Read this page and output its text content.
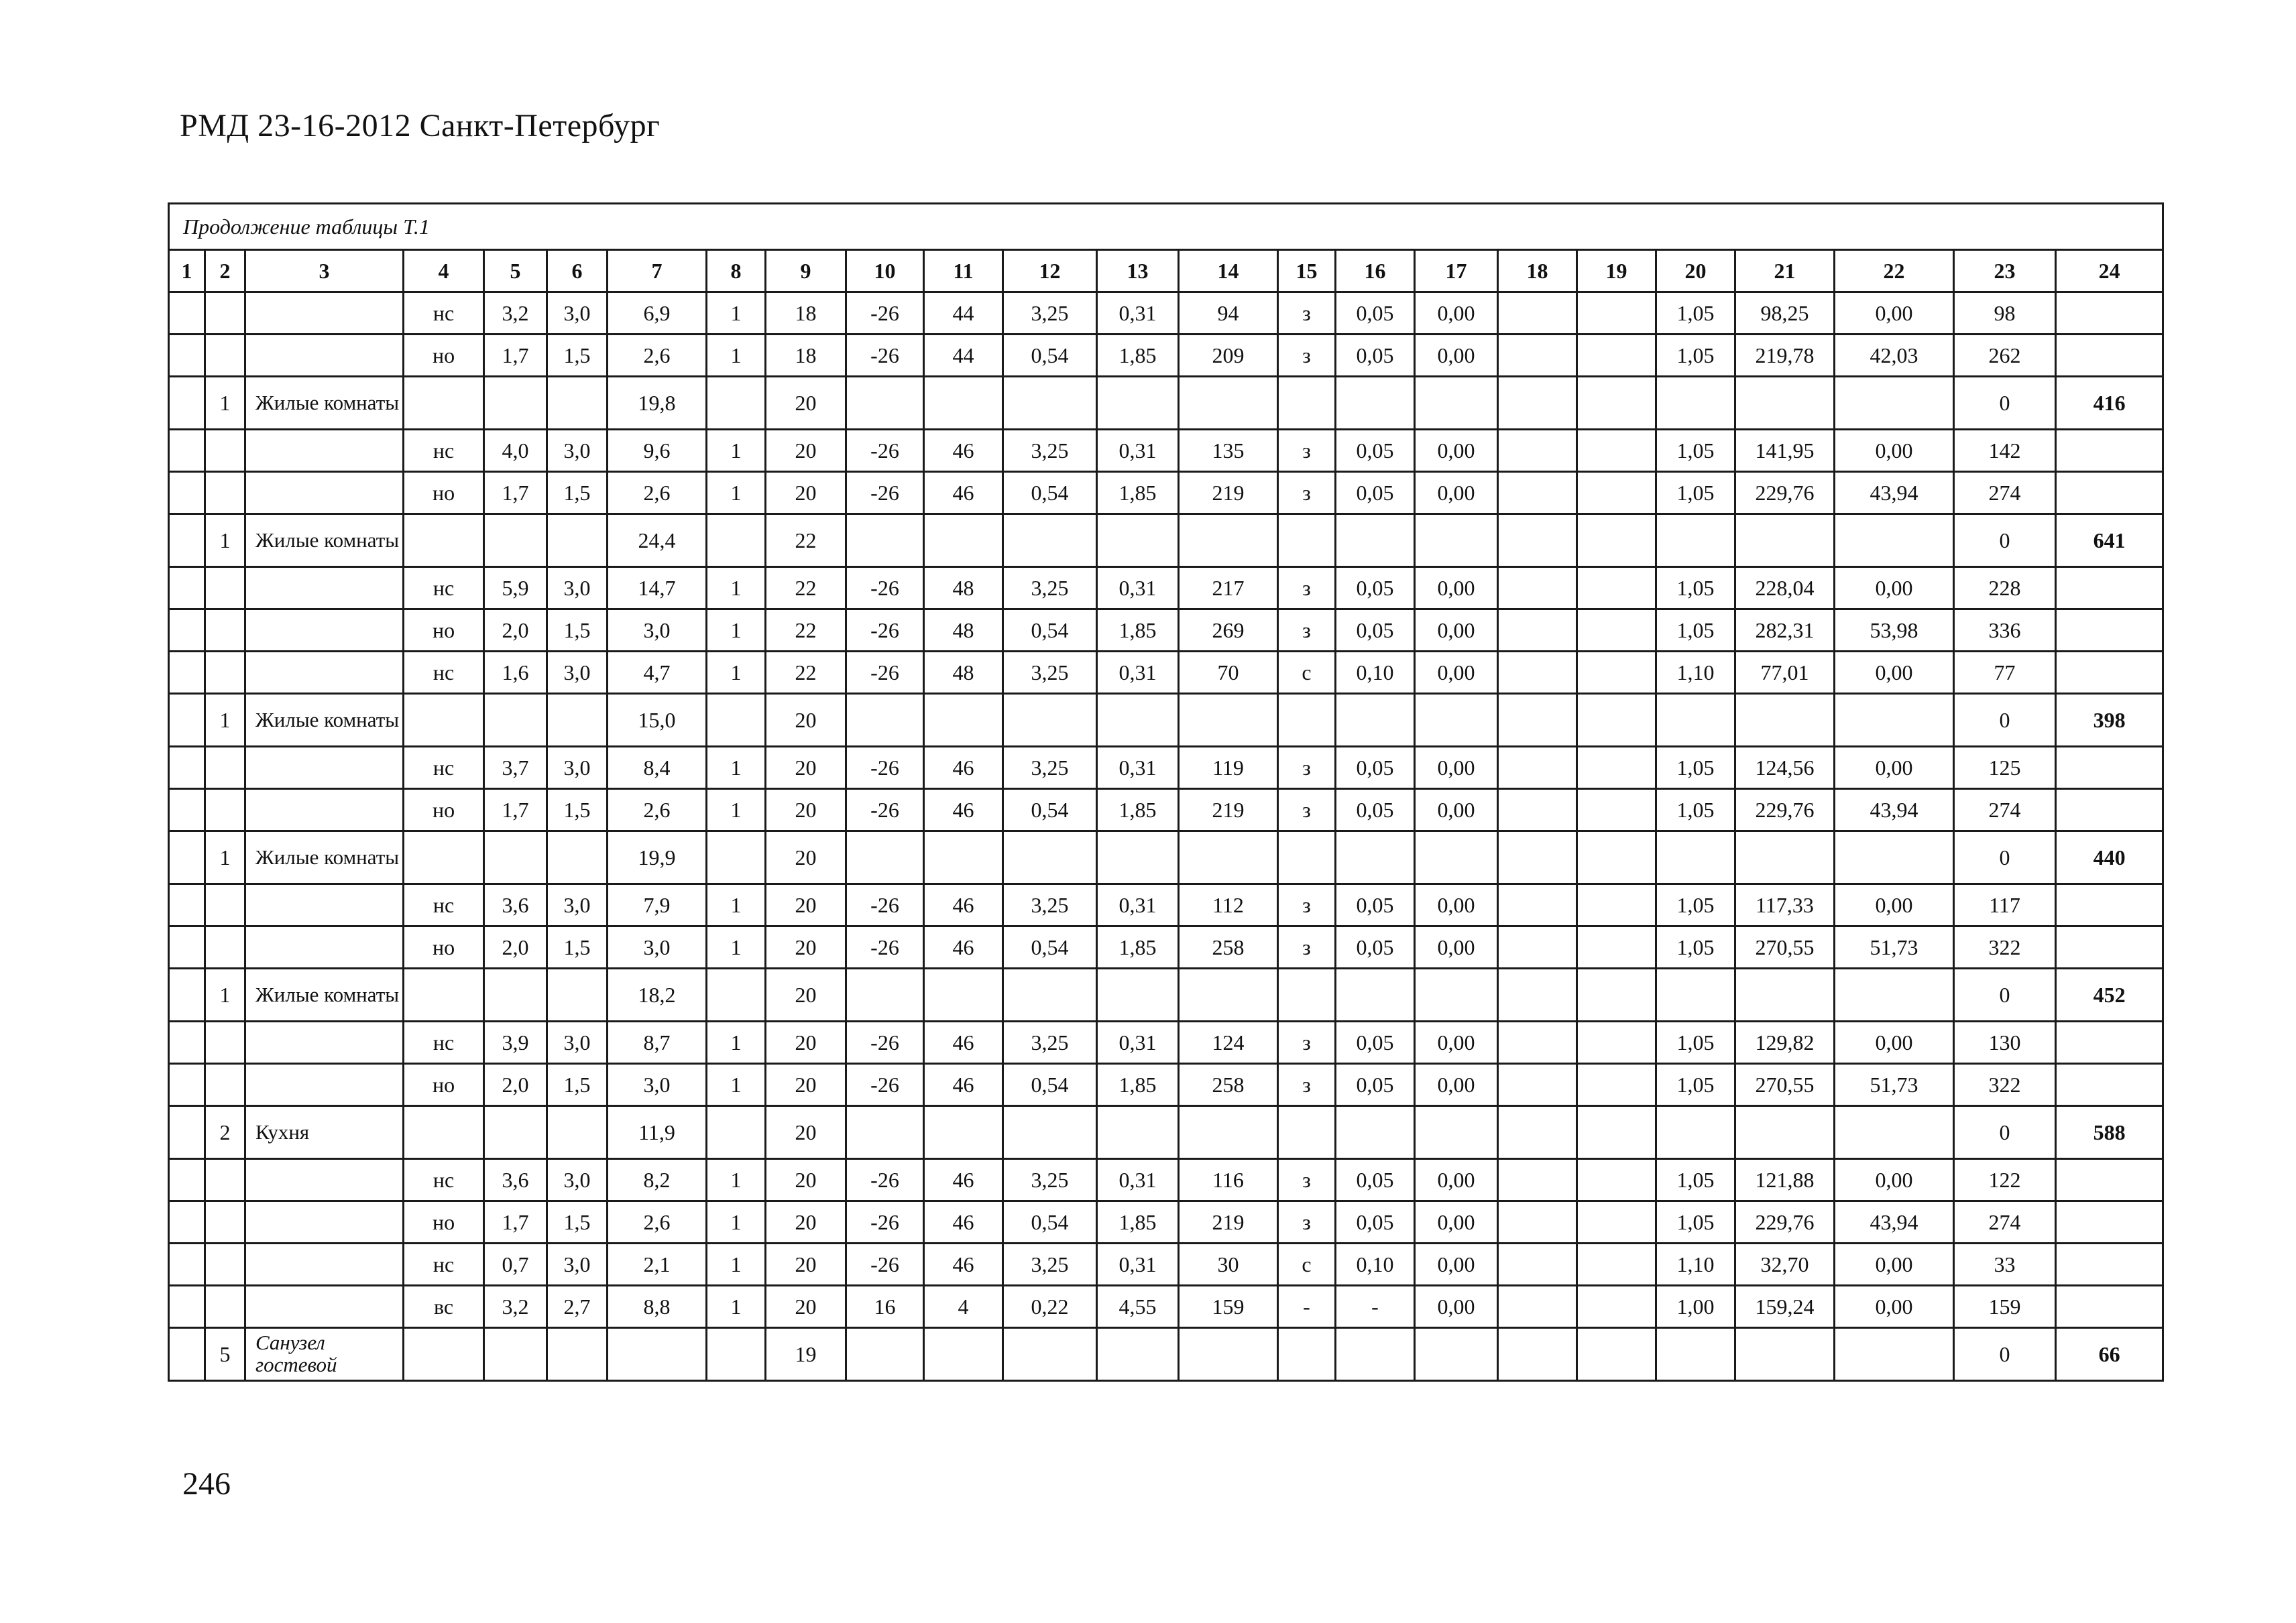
РМД 23-16-2012 Санкт-Петербург
Продолжение таблицы Т.1																							
1	2	3	4	5	6	7	8	9	10	11	12	13	14	15	16	17	18	19	20	21	22	23	24
			нс	3,2	3,0	6,9	1	18	-26	44	3,25	0,31	94	з	0,05	0,00			1,05	98,25	0,00	98	
			но	1,7	1,5	2,6	1	18	-26	44	0,54	1,85	209	з	0,05	0,00			1,05	219,78	42,03	262	
	1	Жилые комнаты				19,8		20														0	416
			нс	4,0	3,0	9,6	1	20	-26	46	3,25	0,31	135	з	0,05	0,00			1,05	141,95	0,00	142	
			но	1,7	1,5	2,6	1	20	-26	46	0,54	1,85	219	з	0,05	0,00			1,05	229,76	43,94	274	
	1	Жилые комнаты				24,4		22														0	641
			нс	5,9	3,0	14,7	1	22	-26	48	3,25	0,31	217	з	0,05	0,00			1,05	228,04	0,00	228	
			но	2,0	1,5	3,0	1	22	-26	48	0,54	1,85	269	з	0,05	0,00			1,05	282,31	53,98	336	
			нс	1,6	3,0	4,7	1	22	-26	48	3,25	0,31	70	с	0,10	0,00			1,10	77,01	0,00	77	
	1	Жилые комнаты				15,0		20														0	398
			нс	3,7	3,0	8,4	1	20	-26	46	3,25	0,31	119	з	0,05	0,00			1,05	124,56	0,00	125	
			но	1,7	1,5	2,6	1	20	-26	46	0,54	1,85	219	з	0,05	0,00			1,05	229,76	43,94	274	
	1	Жилые комнаты				19,9		20														0	440
			нс	3,6	3,0	7,9	1	20	-26	46	3,25	0,31	112	з	0,05	0,00			1,05	117,33	0,00	117	
			но	2,0	1,5	3,0	1	20	-26	46	0,54	1,85	258	з	0,05	0,00			1,05	270,55	51,73	322	
	1	Жилые комнаты				18,2		20														0	452
			нс	3,9	3,0	8,7	1	20	-26	46	3,25	0,31	124	з	0,05	0,00			1,05	129,82	0,00	130	
			но	2,0	1,5	3,0	1	20	-26	46	0,54	1,85	258	з	0,05	0,00			1,05	270,55	51,73	322	
	2	Кухня				11,9		20														0	588
			нс	3,6	3,0	8,2	1	20	-26	46	3,25	0,31	116	з	0,05	0,00			1,05	121,88	0,00	122	
			но	1,7	1,5	2,6	1	20	-26	46	0,54	1,85	219	з	0,05	0,00			1,05	229,76	43,94	274	
			нс	0,7	3,0	2,1	1	20	-26	46	3,25	0,31	30	с	0,10	0,00			1,10	32,70	0,00	33	
			вс	3,2	2,7	8,8	1	20	16	4	0,22	4,55	159	-	-	0,00			1,00	159,24	0,00	159	
	5	Санузел гостевой						19														0	66
246
